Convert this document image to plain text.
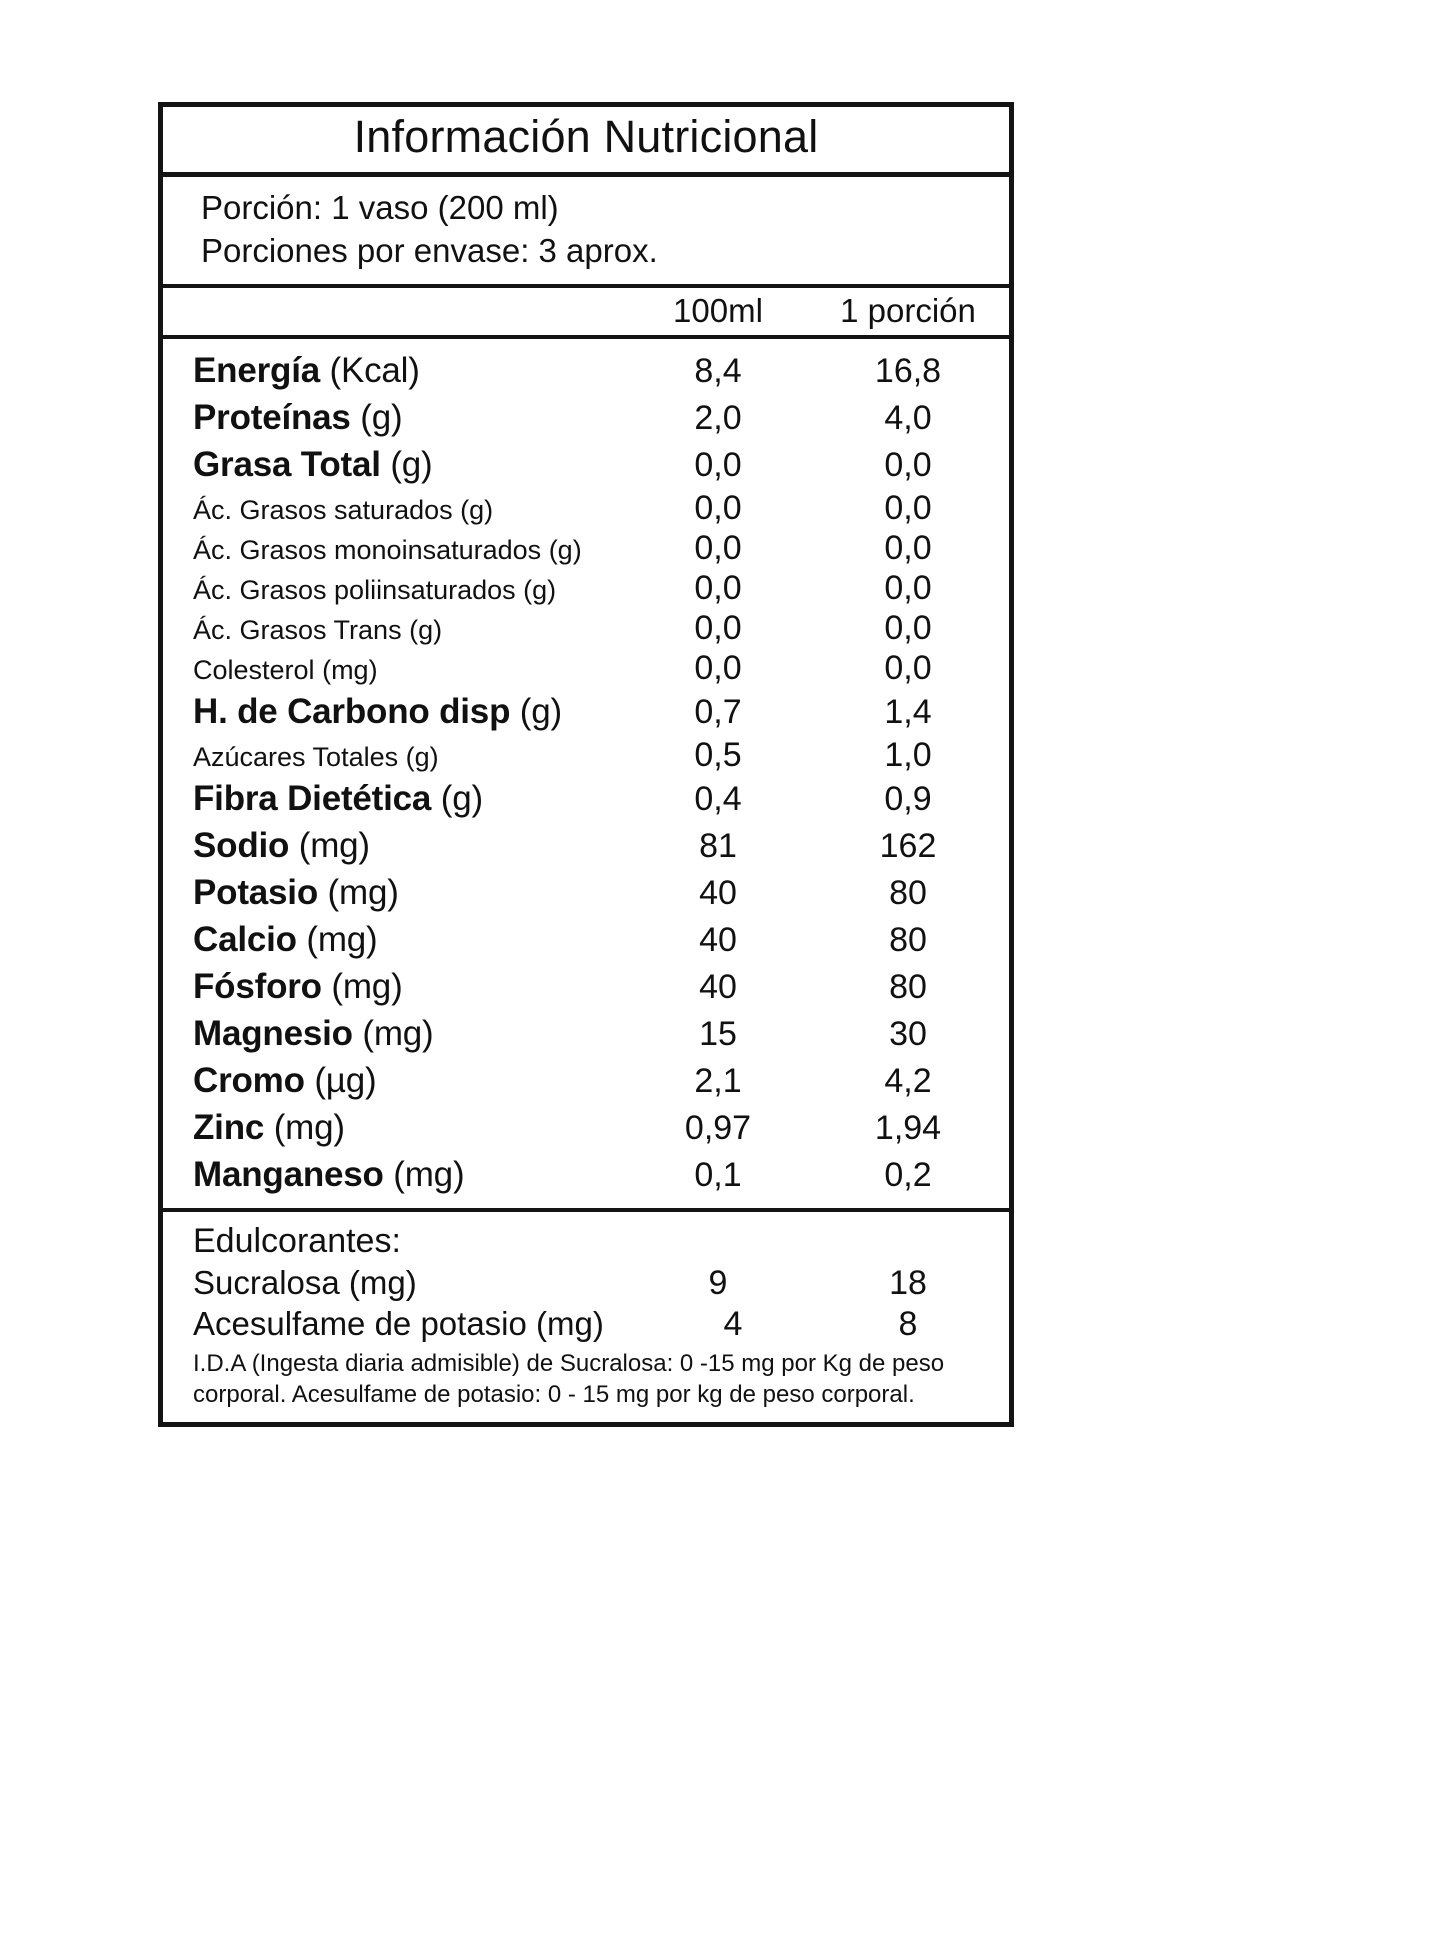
Información Nutricional
Porción: 1 vaso (200 ml)
Porciones por envase: 3 aprox.
100ml	1 porción
Energía (Kcal)	8,4	16,8
Proteínas (g)	2,0	4,0
Grasa Total (g)	0,0	0,0
Ác. Grasos saturados (g)	0,0	0,0
Ác. Grasos monoinsaturados (g)	0,0	0,0
Ác. Grasos poliinsaturados (g)	0,0	0,0
Ác. Grasos Trans (g)	0,0	0,0
Colesterol (mg)	0,0	0,0
H. de Carbono disp (g)	0,7	1,4
Azúcares Totales (g)	0,5	1,0
Fibra Dietética (g)	0,4	0,9
Sodio (mg)	81	162
Potasio (mg)	40	80
Calcio (mg)	40	80
Fósforo (mg)	40	80
Magnesio (mg)	15	30
Cromo (µg)	2,1	4,2
Zinc (mg)	0,97	1,94
Manganeso (mg)	0,1	0,2
Edulcorantes:
Sucralosa (mg)	9	18
Acesulfame de potasio (mg)	4	8
I.D.A (Ingesta diaria admisible) de Sucralosa: 0 -15 mg por Kg de peso corporal. Acesulfame de potasio: 0 - 15 mg por kg de peso corporal.
